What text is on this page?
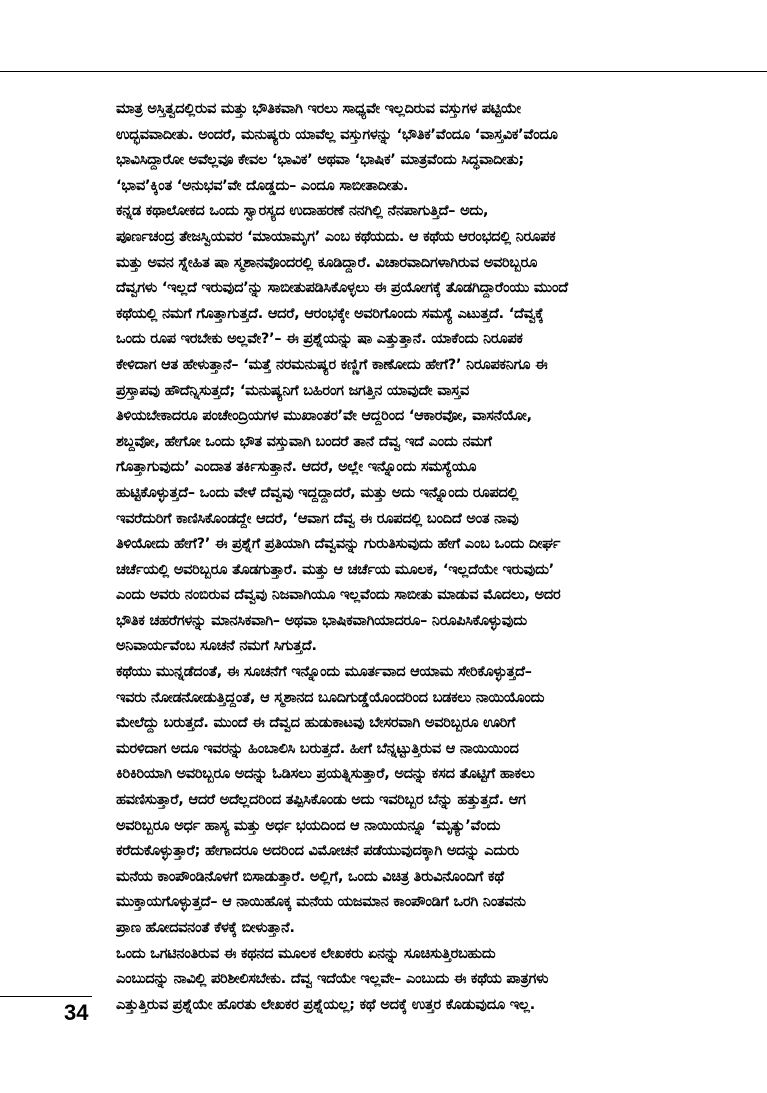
ಮಾತ್ರ ಅಸ್ತಿತ್ವದಲ್ಲಿರುವ ಮತ್ತು ಭೌತಿಕವಾಗಿ ಇರಲು ಸಾಧ್ಯವೇ ಇಲ್ಲದಿರುವ ವಸ್ತುಗಳ ಪಟ್ಟಿಯೇ
ಉದ್ಭವವಾದೀತು. ಅಂದರೆ, ಮನುಷ್ಯರು ಯಾವೆಲ್ಲ ವಸ್ತುಗಳನ್ನು ‘ಭೌತಿಕ’ವೆಂದೂ ‘ವಾಸ್ತವಿಕ’ವೆಂದೂ
ಭಾವಿಸಿದ್ದಾರೋ ಅವೆಲ್ಲವೂ ಕೇವಲ ‘ಭಾವಿಕ’ ಅಥವಾ ‘ಭಾಷಿಕ’ ಮಾತ್ರವೆಂದು ಸಿದ್ಧವಾದೀತು;
‘ಭಾವ’ಕ್ಕಿಂತ ‘ಅನುಭವ’ವೇ ದೊಡ್ಡದು– ಎಂದೂ ಸಾಬೀತಾದೀತು.
ಕನ್ನಡ ಕಥಾಲೋಕದ ಒಂದು ಸ್ವಾರಸ್ಯದ ಉದಾಹರಣೆ ನನಗಿಲ್ಲಿ ನೆನಪಾಗುತ್ತಿದೆ– ಅದು,
ಪೂರ್ಣಚಂದ್ರ ತೇಜಸ್ವಿಯವರ ‘ಮಾಯಾಮೃಗ’ ಎಂಬ ಕಥೆಯದು. ಆ ಕಥೆಯ ಆರಂಭದಲ್ಲಿ ನಿರೂಪಕ
ಮತ್ತು ಅವನ ಸ್ನೇಹಿತ ಷಾ ಸ್ಮಶಾನವೊಂದರಲ್ಲಿ ಕೂಡಿದ್ದಾರೆ. ವಿಚಾರವಾದಿಗಳಾಗಿರುವ ಅವರಿಬ್ಬರೂ
ದೆವ್ವಗಳು ‘ಇಲ್ಲದೆ ಇರುವುದ’ನ್ನು ಸಾಬೀತುಪಡಿಸಿಕೊಳ್ಳಲು ಈ ಪ್ರಯೋಗಕ್ಕೆ ತೊಡಗಿದ್ದಾರೆಂಯು ಮುಂದೆ
ಕಥೆಯಲ್ಲಿ ನಮಗೆ ಗೊತ್ತಾಗುತ್ತದೆ. ಆದರೆ, ಆರಂಭಕ್ಕೇ ಅವರಿಗೊಂದು ಸಮಸ್ಯೆ ಎಟುತ್ತದೆ. ‘ದೆವ್ವಕ್ಕೆ
ಒಂದು ರೂಪ ಇರಬೇಕು ಅಲ್ಲವೇ?’– ಈ ಪ್ರಶ್ನೆಯನ್ನು ಷಾ ಎತ್ತುತ್ತಾನೆ. ಯಾಕೆಂದು ನಿರೂಪಕ
ಕೇಳಿದಾಗ ಆತ ಹೇಳುತ್ತಾನೆ– ‘ಮತ್ತೆ ನರಮನುಷ್ಯರ ಕಣ್ಣಿಗೆ ಕಾಣೋದು ಹೇಗೆ?’ ನಿರೂಪಕನಿಗೂ ಈ
ಪ್ರಸ್ತಾಪವು ಹೌದೆನ್ನಿಸುತ್ತದೆ; ‘ಮನುಷ್ಯನಿಗೆ ಬಹಿರಂಗ ಜಗತ್ತಿನ ಯಾವುದೇ ವಾಸ್ತವ
ತಿಳಿಯಬೇಕಾದರೂ ಪಂಚೇಂದ್ರಿಯಗಳ ಮುಖಾಂತರ’ವೇ ಆದ್ದರಿಂದ ‘ಆಕಾರವೋ, ವಾಸನೆಯೋ,
ಶಬ್ದವೋ, ಹೇಗೋ ಒಂದು ಭೌತ ವಸ್ತುವಾಗಿ ಬಂದರೆ ತಾನೆ ದೆವ್ವ ಇದೆ ಎಂದು ನಮಗೆ
ಗೊತ್ತಾಗುವುದು’ ಎಂದಾತ ತರ್ಕಿಸುತ್ತಾನೆ. ಆದರೆ, ಅಲ್ಲೇ ಇನ್ನೊಂದು ಸಮಸ್ಯೆಯೂ
ಹುಟ್ಟಿಕೊಳ್ಳುತ್ತದೆ– ಒಂದು ವೇಳೆ ದೆವ್ವವು ಇದ್ದದ್ದಾದರೆ, ಮತ್ತು ಅದು ಇನ್ನೊಂದು ರೂಪದಲ್ಲಿ
ಇವರೆದುರಿಗೆ ಕಾಣಿಸಿಕೊಂಡದ್ದೇ ಆದರೆ, ‘ಆವಾಗ ದೆವ್ವ ಈ ರೂಪದಲ್ಲಿ ಬಂದಿದೆ ಅಂತ ನಾವು
ತಿಳಿಯೋದು ಹೇಗೆ?’ ಈ ಪ್ರಶ್ನೆಗೆ ಪ್ರತಿಯಾಗಿ ದೆವ್ವವನ್ನು ಗುರುತಿಸುವುದು ಹೇಗೆ ಎಂಬ ಒಂದು ದೀರ್ಘ
ಚರ್ಚೆಯಲ್ಲಿ ಅವರಿಬ್ಬರೂ ತೊಡಗುತ್ತಾರೆ. ಮತ್ತು ಆ ಚರ್ಚೆಯ ಮೂಲಕ, ‘ಇಲ್ಲದೆಯೇ ಇರುವುದು’
ಎಂದು ಅವರು ನಂಬಿರುವ ದೆವ್ವವು ನಿಜವಾಗಿಯೂ ಇಲ್ಲವೆಂದು ಸಾಬೀತು ಮಾಡುವ ಮೊದಲು, ಅದರ
ಭೌತಿಕ ಚಹರೆಗಳನ್ನು ಮಾನಸಿಕವಾಗಿ– ಅಥವಾ ಭಾಷಿಕವಾಗಿಯಾದರೂ– ನಿರೂಪಿಸಿಕೊಳ್ಳುವುದು
ಅನಿವಾರ್ಯವೆಂಬ ಸೂಚನೆ ನಮಗೆ ಸಿಗುತ್ತದೆ.
ಕಥೆಯು ಮುನ್ನಡೆದಂತೆ, ಈ ಸೂಚನೆಗೆ ಇನ್ನೊಂದು ಮೂರ್ತವಾದ ಆಯಾಮ ಸೇರಿಕೊಳ್ಳುತ್ತದೆ–
ಇವರು ನೋಡನೋಡುತ್ತಿದ್ದಂತೆ, ಆ ಸ್ಮಶಾನದ ಬೂದಿಗುಡ್ಡೆಯೊಂದರಿಂದ ಬಡಕಲು ನಾಯಿಯೊಂದು
ಮೇಲೆದ್ದು ಬರುತ್ತದೆ. ಮುಂದೆ ಈ ದೆವ್ವದ ಹುಡುಕಾಟವು ಬೇಸರವಾಗಿ ಅವರಿಬ್ಬರೂ ಊರಿಗೆ
ಮರಳಿದಾಗ ಅದೂ ಇವರನ್ನು ಹಿಂಬಾಲಿಸಿ ಬರುತ್ತದೆ. ಹೀಗೆ ಬೆನ್ನಟ್ಟುತ್ತಿರುವ ಆ ನಾಯಿಯಿಂದ
ಕಿರಿಕಿರಿಯಾಗಿ ಅವರಿಬ್ಬರೂ ಅದನ್ನು ಓಡಿಸಲು ಪ್ರಯತ್ನಿಸುತ್ತಾರೆ, ಅದನ್ನು ಕಸದ ತೊಟ್ಟಿಗೆ ಹಾಕಲು
ಹವಣಿಸುತ್ತಾರೆ, ಆದರೆ ಅದೆಲ್ಲದರಿಂದ ತಪ್ಪಿಸಿಕೊಂಡು ಅದು ಇವರಿಬ್ಬರ ಬೆನ್ನು ಹತ್ತುತ್ತದೆ. ಆಗ
ಅವರಿಬ್ಬರೂ ಅರ್ಧ ಹಾಸ್ಯ ಮತ್ತು ಅರ್ಧ ಭಯದಿಂದ ಆ ನಾಯಿಯನ್ನೂ ‘ಮೃತ್ಯು’ವೆಂದು
ಕರೆದುಕೊಳ್ಳುತ್ತಾರೆ; ಹೇಗಾದರೂ ಅದರಿಂದ ವಿಮೋಚನೆ ಪಡೆಯುವುದಕ್ಕಾಗಿ ಅದನ್ನು ಎದುರು
ಮನೆಯ ಕಾಂಪೌಂಡಿನೊಳಗೆ ಬಿಸಾಡುತ್ತಾರೆ. ಅಲ್ಲಿಗೆ, ಒಂದು ವಿಚಿತ್ರ ತಿರುವಿನೊಂದಿಗೆ ಕಥೆ
ಮುಕ್ತಾಯಗೊಳ್ಳುತ್ತದೆ– ಆ ನಾಯಿಹೊಕ್ಕ ಮನೆಯ ಯಜಮಾನ ಕಾಂಪೌಂಡಿಗೆ ಒರಗಿ ನಿಂತವನು
ಪ್ರಾಣ ಹೋದವನಂತೆ ಕೆಳಕ್ಕೆ ಬೀಳುತ್ತಾನೆ.
ಒಂದು ಒಗಟಿನಂತಿರುವ ಈ ಕಥನದ ಮೂಲಕ ಲೇಖಕರು ಏನನ್ನು ಸೂಚಿಸುತ್ತಿರಬಹುದು
ಎಂಬುದನ್ನು ನಾವಿಲ್ಲಿ ಪರಿಶೀಲಿಸಬೇಕು. ದೆವ್ವ ಇದೆಯೇ ಇಲ್ಲವೇ– ಎಂಬುದು ಈ ಕಥೆಯ ಪಾತ್ರಗಳು
ಎತ್ತುತ್ತಿರುವ ಪ್ರಶ್ನೆಯೇ ಹೊರತು ಲೇಖಕರ ಪ್ರಶ್ನೆಯಲ್ಲ; ಕಥೆ ಅದಕ್ಕೆ ಉತ್ತರ ಕೊಡುವುದೂ ಇಲ್ಲ.
34
